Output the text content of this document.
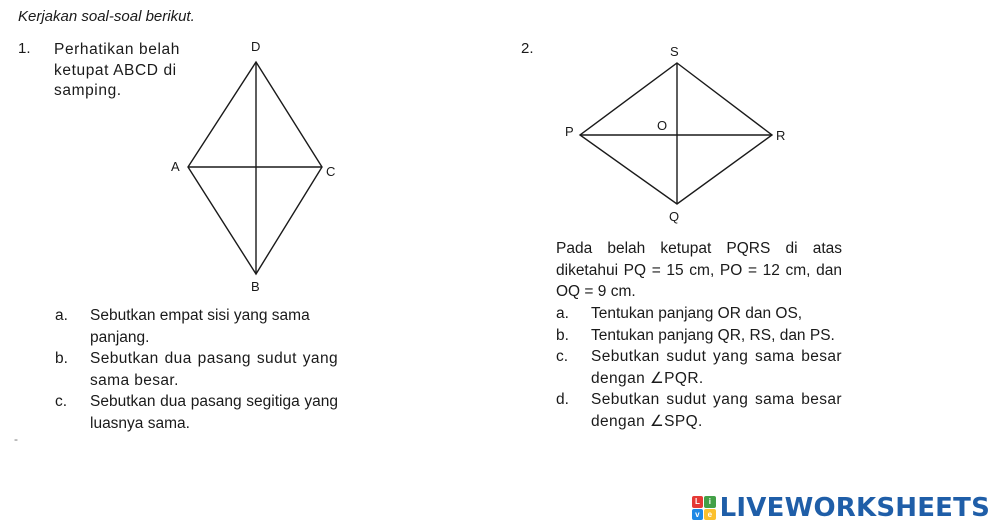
Kerjakan soal-soal berikut.
1. Perhatikan belah
ketupat ABCD di
samping.
D
A	C
B
S
P	R
Q
O
a.	Sebutkan empat sisi yang sama panjang.
b.	Sebutkan dua pasang sudut yang sama besar.
c.	Sebutkan dua pasang segitiga yang luasnya sama.
-
2.
Pada belah ketupat PQRS di atas diketahui PQ = 15 cm, PO = 12 cm, dan OQ = 9 cm.
a.	Tentukan panjang OR dan OS,
b.	Tentukan panjang QR, RS, dan PS.
c.	Sebutkan sudut yang sama besar dengan ∠PQR.
d.	Sebutkan sudut yang sama besar dengan ∠SPQ.
L	i
v	e LIVEWORKSHEETS
